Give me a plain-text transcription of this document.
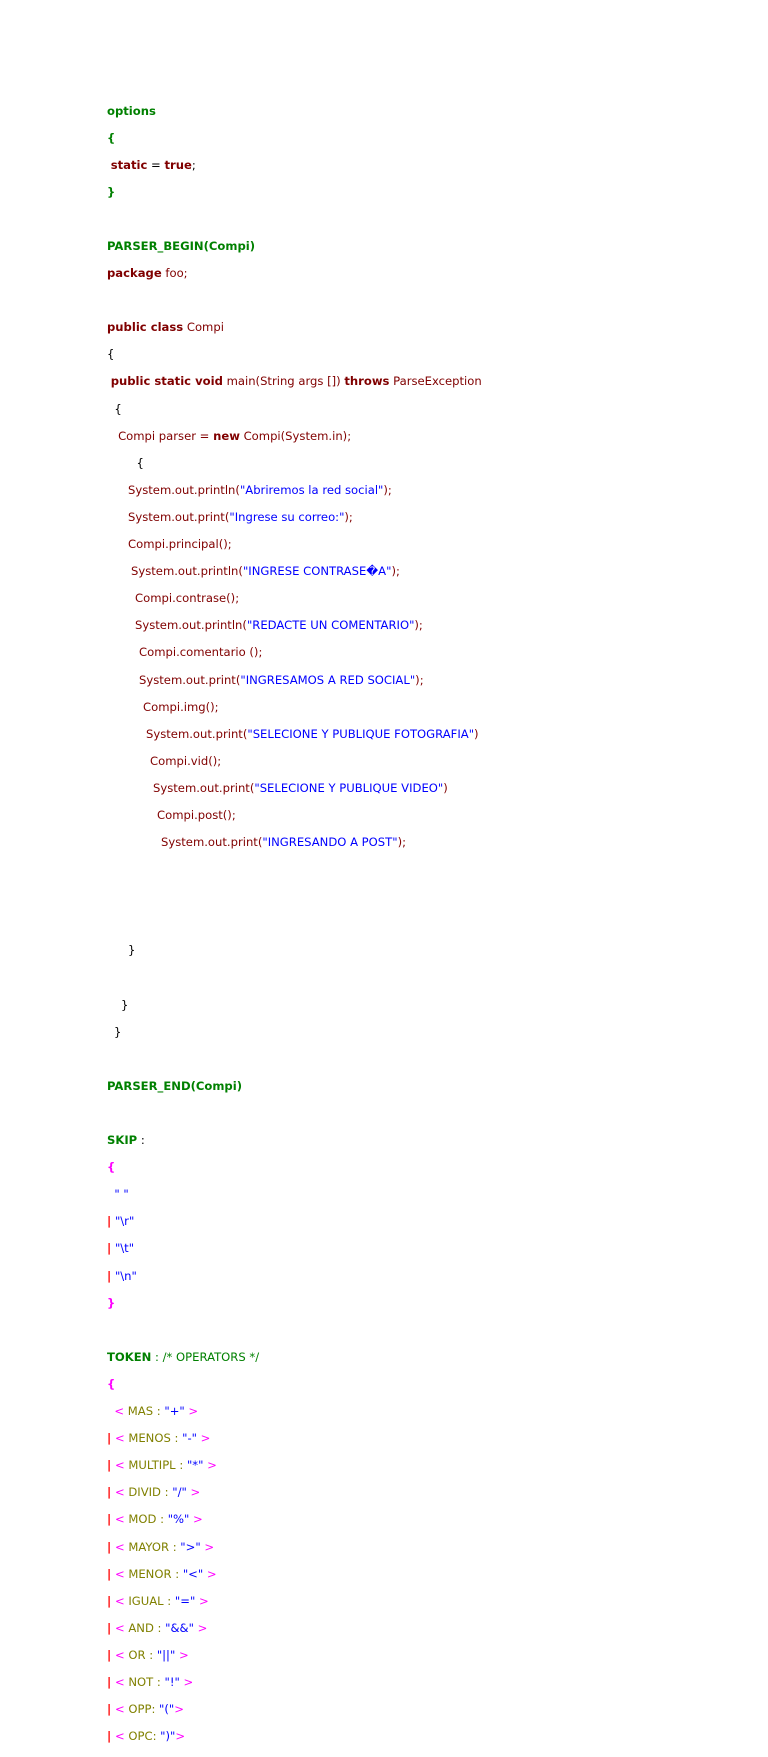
options

{

static = true;

}

PARSER_BEGIN(Compi)

package foo;

public class Compi

{

public static void main(String args []) throws ParseException

{

Compi parser = new Compi(System.in);

{

System.out.println("Abriremos la red social");

System.out.print("Ingrese su correo:");

Compi.principal();

System.out.println("INGRESE CONTRASE�A");

Compi.contrase();

System.out.println("REDACTE UN COMENTARIO");

Compi.comentario ();

System.out.print("INGRESAMOS A RED SOCIAL");

Compi.img();

System.out.print("SELECIONE Y PUBLIQUE FOTOGRAFIA")

Compi.vid();

System.out.print("SELECIONE Y PUBLIQUE VIDEO")

Compi.post();

System.out.print("INGRESANDO A POST");

}

}

}

PARSER_END(Compi)

SKIP :

{

" "

| "\r"

| "\t"

| "\n"

}

TOKEN : /* OPERATORS */

{

< MAS : "+" >

| < MENOS : "-" >

| < MULTIPL : "*" >

| < DIVID : "/" >

| < MOD : "%" >

| < MAYOR : ">" >

| < MENOR : "<" >

| < IGUAL : "=" >

| < AND : "&&" >

| < OR : "||" >

| < NOT : "!" >

| < OPP: "(">

| < OPC: ")">
